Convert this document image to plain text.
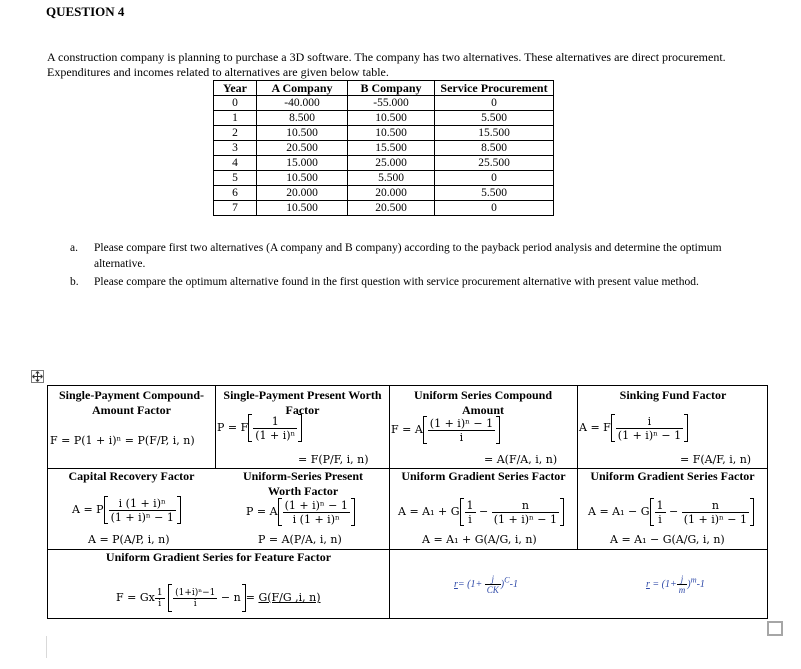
QUESTION 4
A construction company is planning to purchase a 3D software. The company has two alternatives. These alternatives are direct procurement. Expenditures and incomes related to alternatives are given below table.
Year	A Company	B Company	Service Procurement
0	-40.000	-55.000	0
1	8.500	10.500	5.500
2	10.500	10.500	15.500
3	20.500	15.500	8.500
4	15.000	25.000	25.500
5	10.500	5.500	0
6	20.000	20.000	5.500
7	10.500	20.500	0
a. Please compare first two alternatives (A company and B company) according to the payback period analysis and determine the optimum alternative.
b. Please compare the optimum alternative found in the first question with service procurement alternative with present value method.
Single-Payment Compound-Amount Factor
F = P(1 + i)ⁿ = P(F/P, i, n)
Single-Payment Present Worth Factor
P = F $\frac{1}{\text{(1 + i)ⁿ}}$
= F(P/F, i, n)
Uniform Series Compound Amount
F = A $\frac{\text{(1 + i)ⁿ − 1}}{i}$
= A(F/A, i, n)
Sinking Fund Factor
A = F $\frac{i}{\text{(1 + i)ⁿ − 1}}$
= F(A/F, i, n)
Capital Recovery Factor
A = P $\frac{\text{i (1 + i)ⁿ}}{\text{(1 + i)ⁿ − 1}}$
A = P(A/P, i, n)
Uniform-Series Present Worth Factor
P = A $\frac{\text{(1 + i)ⁿ − 1}}{\text{i (1 + i)ⁿ}}$
P = A(P/A, i, n)
Uniform Gradient Series Factor
A = A₁ + G $\frac{1}{i} - \frac{n}{\text{(1 + i)ⁿ − 1}}$
A = A₁ + G(A/G, i, n)
Uniform Gradient Series Factor
A = A₁ − G $\frac{1}{i} - \frac{n}{\text{(1 + i)ⁿ − 1}}$
A = A₁ − G(A/G, i, n)
Uniform Gradient Series for Feature Factor
F = Gx $\frac{1}{i}$
$\frac{\text{(1+i)ⁿ−1}}{i} - n = G(F/G$ ,i, n)
$r= (1+ \frac{j}{CK} )^C-1$	$r = (1+ \frac{j}{m} )^m-1$
